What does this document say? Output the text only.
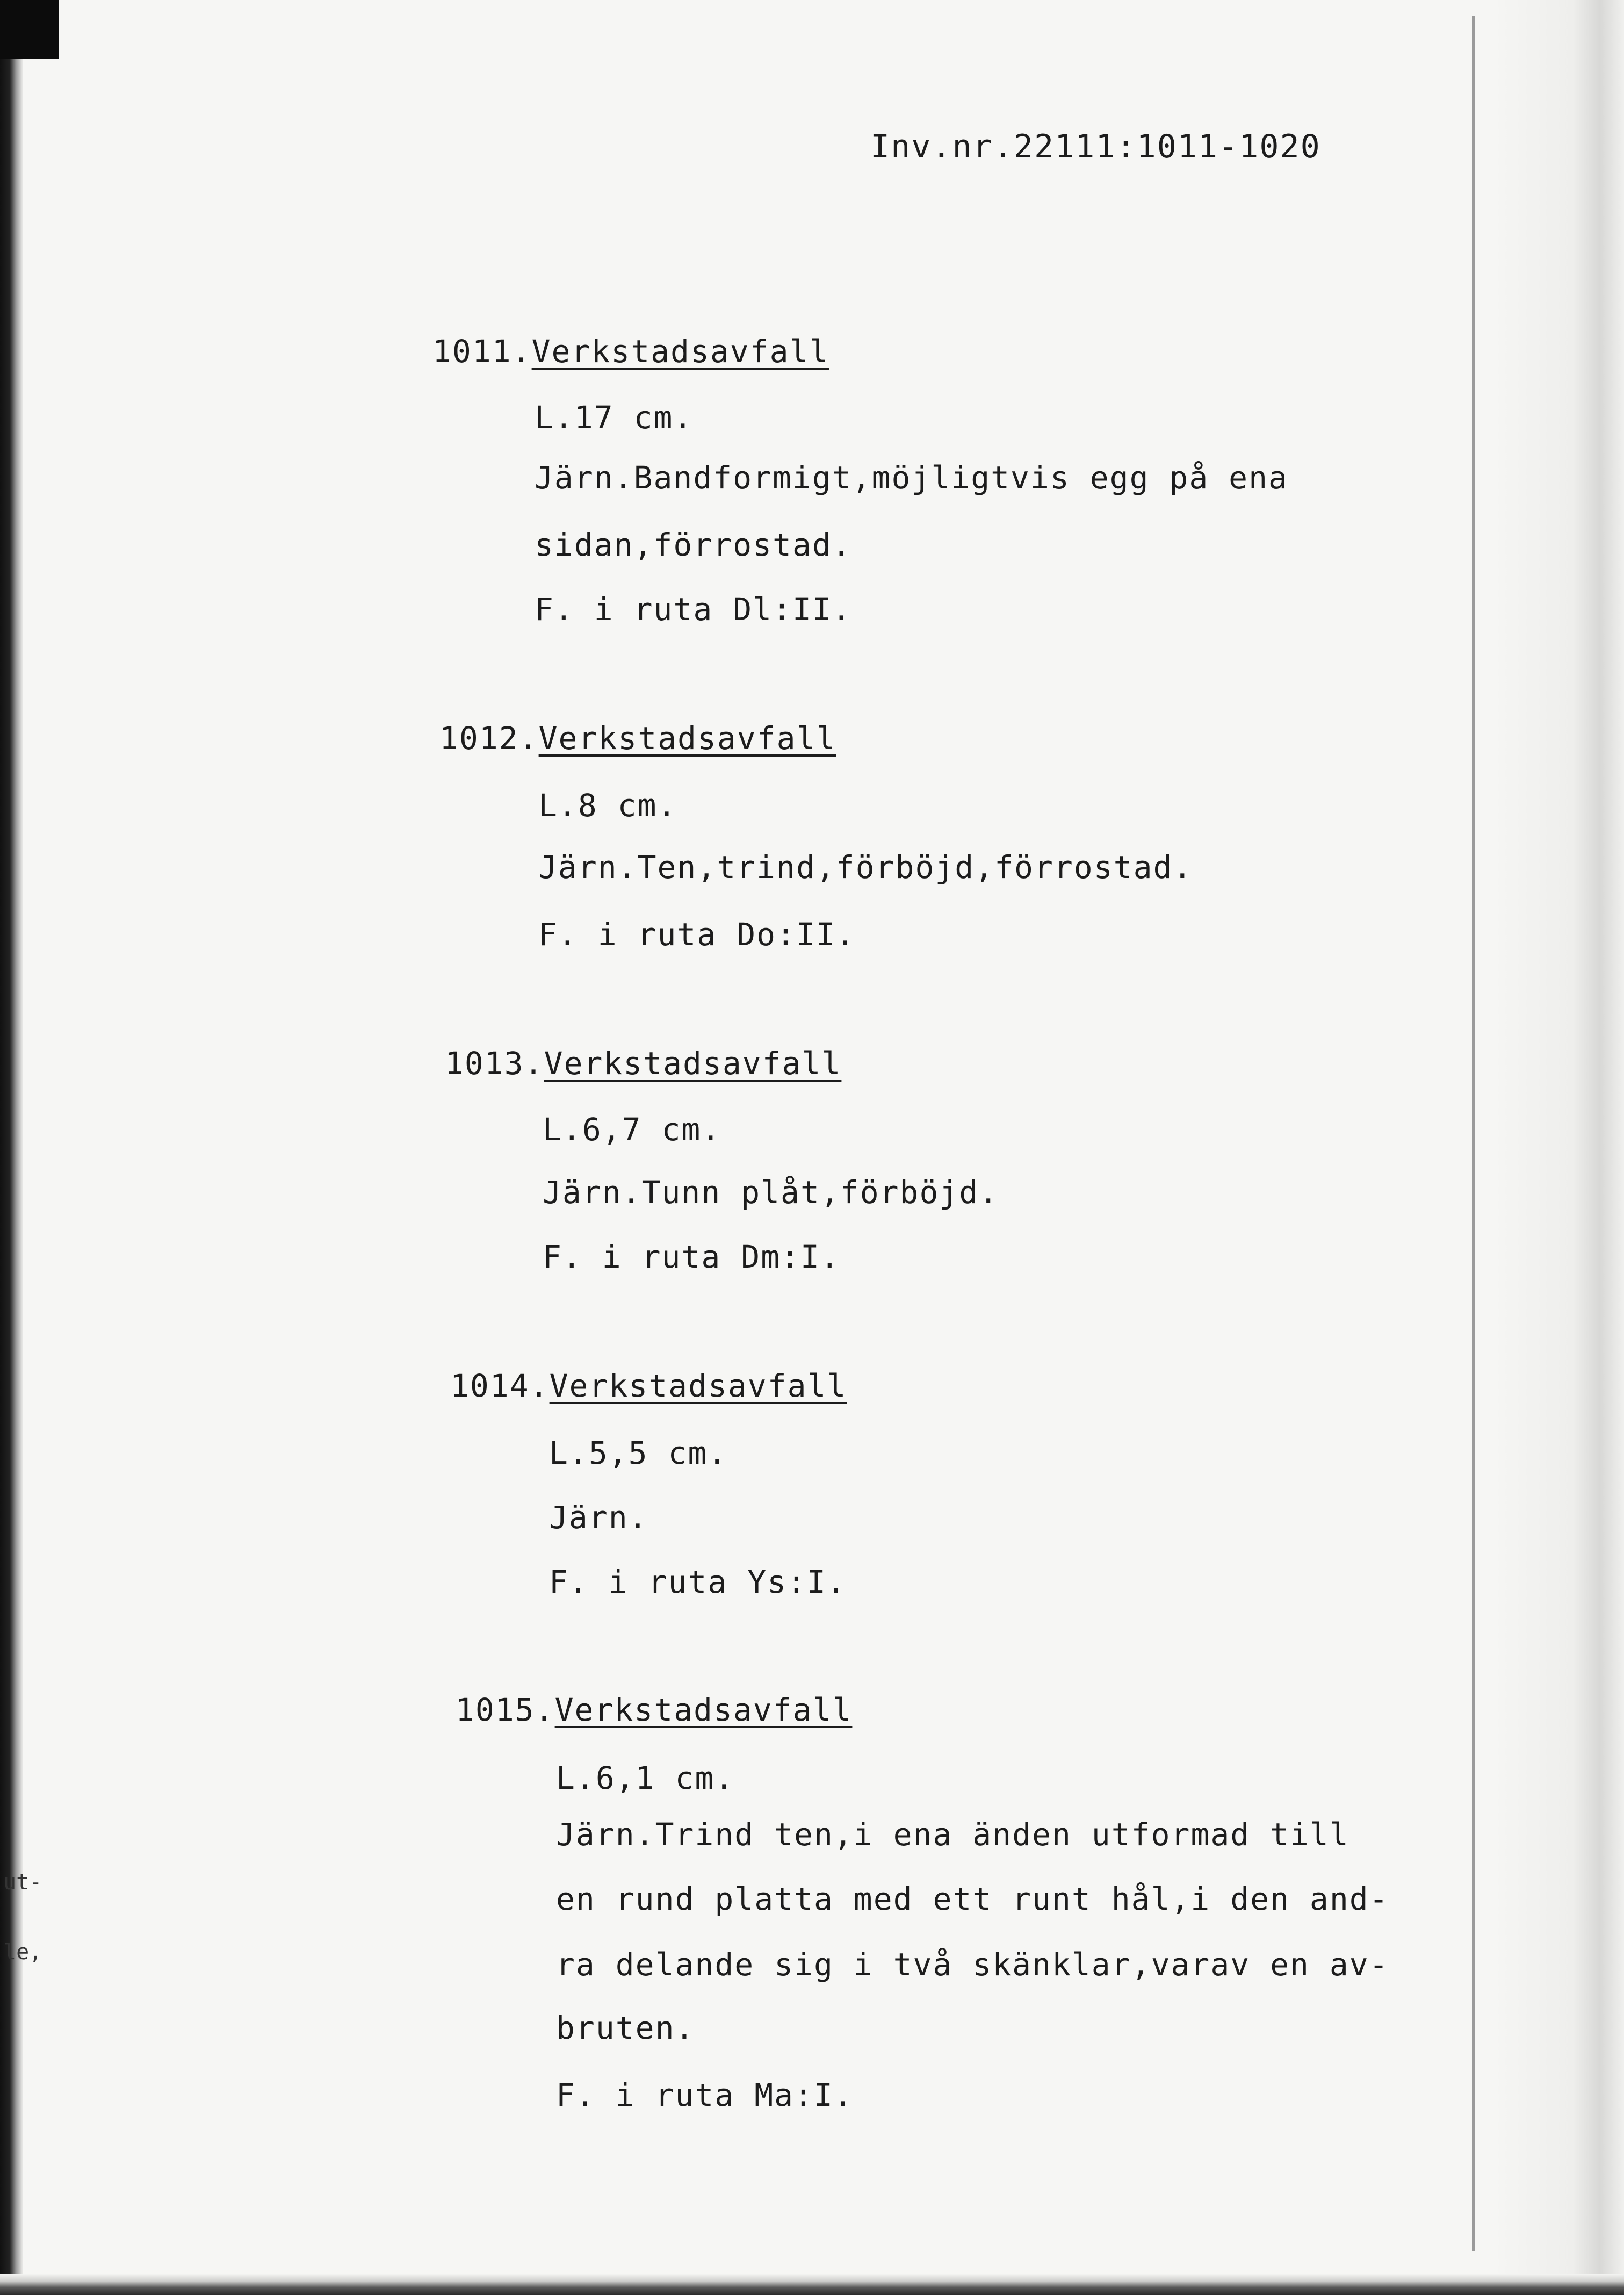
ut-
le,
Inv.nr.22111:1011-1020
1011.Verkstadsavfall
L.17 cm.
Järn.Bandformigt,möjligtvis egg på ena
sidan,förrostad.
F. i ruta Dl:II.
1012.Verkstadsavfall
L.8 cm.
Järn.Ten,trind,förböjd,förrostad.
F. i ruta Do:II.
1013.Verkstadsavfall
L.6,7 cm.
Järn.Tunn plåt,förböjd.
F. i ruta Dm:I.
1014.Verkstadsavfall
L.5,5 cm.
Järn.
F. i ruta Ys:I.
1015.Verkstadsavfall
L.6,1 cm.
Järn.Trind ten,i ena änden utformad till
en rund platta med ett runt hål,i den and-
ra delande sig i två skänklar,varav en av-
bruten.
F. i ruta Ma:I.
